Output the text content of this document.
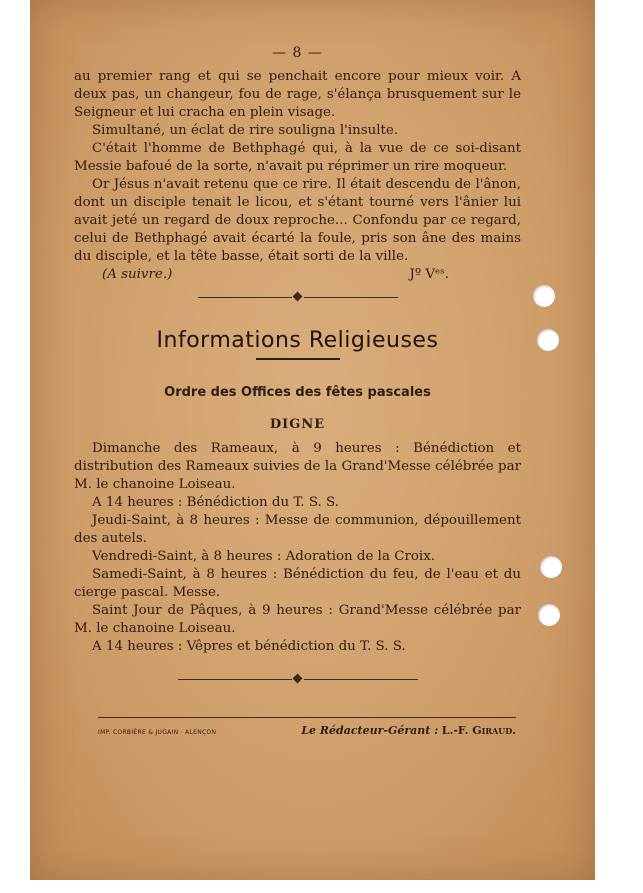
— 8 —

au premier rang et qui se penchait encore pour mieux voir. A deux pas, un changeur, fou de rage, s'élança brusquement sur le Seigneur et lui cracha en plein visage.

Simultané, un éclat de rire souligna l'insulte.

C'était l'homme de Bethphagé qui, à la vue de ce soi-disant Messie bafoué de la sorte, n'avait pu réprimer un rire moqueur.

Or Jésus n'avait retenu que ce rire. Il était descendu de l'ânon, dont un disciple tenait le licou, et s'étant tourné vers l'ânier lui avait jeté un regard de doux reproche... Confondu par ce regard, celui de Bethphagé avait écarté la foule, pris son âne des mains du disciple, et la tête basse, était sorti de la ville.

(A suivre.)	Jº Vᵉˢ.
Informations Religieuses
Ordre des Offices des fêtes pascales
DIGNE

Dimanche des Rameaux, à 9 heures : Bénédiction et distribution des Rameaux suivies de la Grand'Messe célébrée par M. le chanoine Loiseau.

A 14 heures : Bénédiction du T. S. S.

Jeudi-Saint, à 8 heures : Messe de communion, dépouillement des autels.

Vendredi-Saint, à 8 heures : Adoration de la Croix.

Samedi-Saint, à 8 heures : Bénédiction du feu, de l'eau et du cierge pascal. Messe.

Saint Jour de Pâques, à 9 heures : Grand'Messe célébrée par M. le chanoine Loiseau.

A 14 heures : Vêpres et bénédiction du T. S. S.

IMP. CORBIÈRE & JUGAIN · ALENÇON	Le Rédacteur-Gérant : L.-F. Giraud.
